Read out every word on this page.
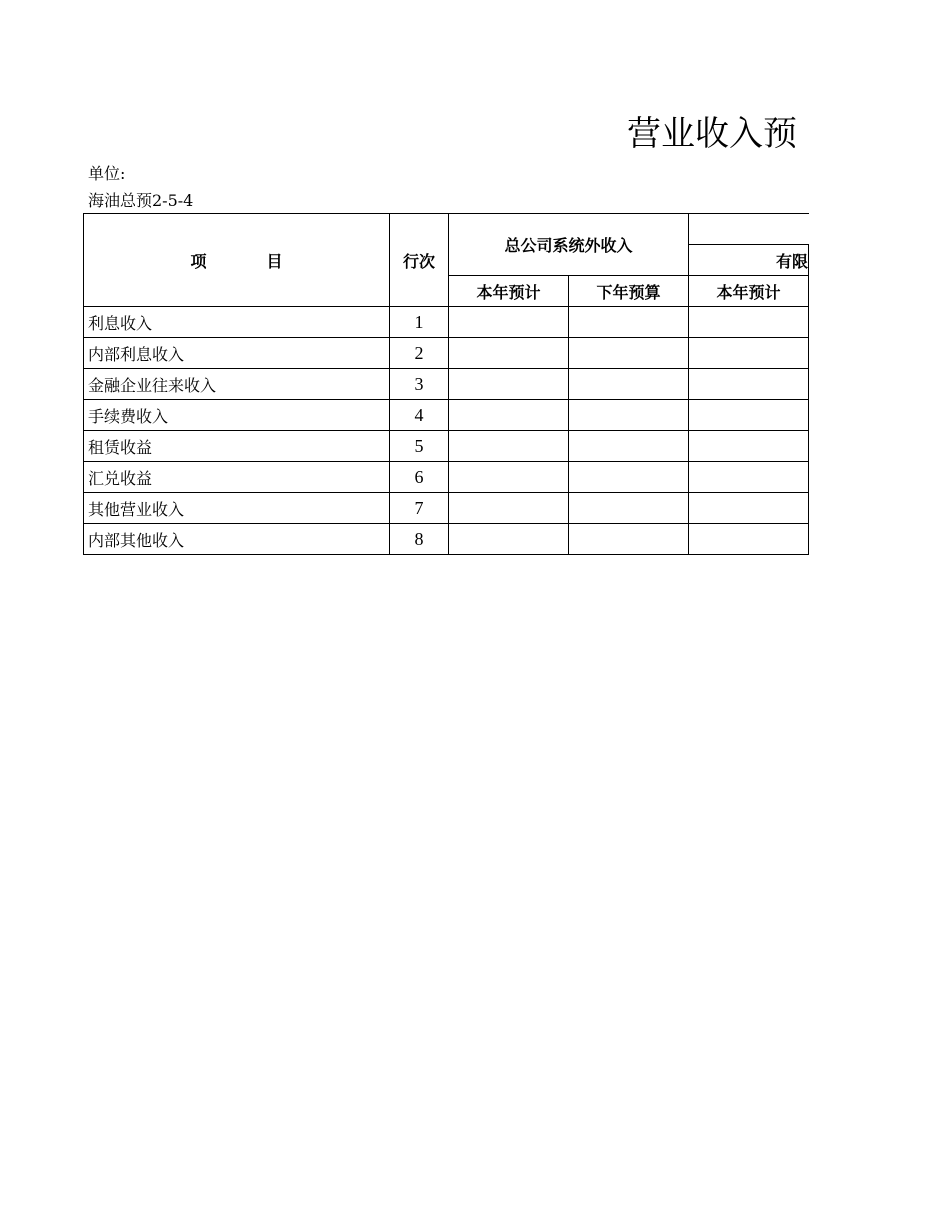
营业收入预
单位:
海油总预2-5-4
项 目	行次	总公司系统外收入		
				有限
		本年预计	下年预算	本年预计
利息收入	1			
内部利息收入	2			
金融企业往来收入	3			
手续费收入	4			
租赁收益	5			
汇兑收益	6			
其他营业收入	7			
内部其他收入	8			
